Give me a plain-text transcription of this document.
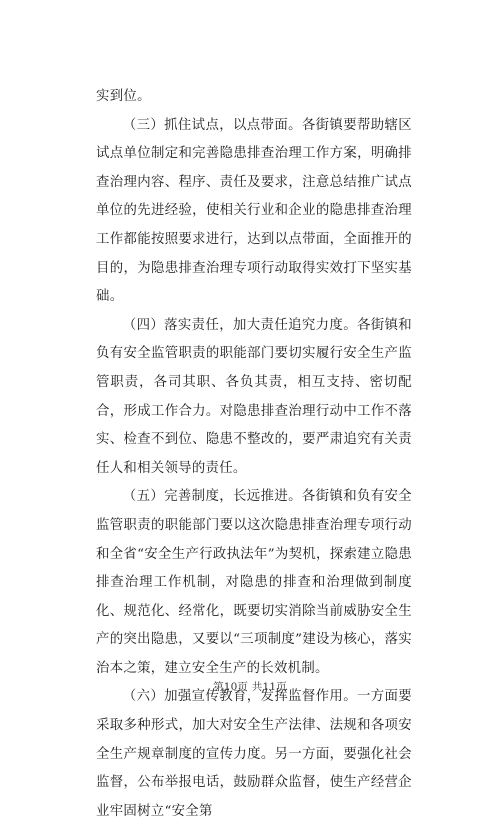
实到位。

（三）抓住试点，以点带面。各街镇要帮助辖区试点单位制定和完善隐患排查治理工作方案，明确排查治理内容、程序、责任及要求，注意总结推广试点单位的先进经验，使相关行业和企业的隐患排查治理工作都能按照要求进行，达到以点带面，全面推开的目的，为隐患排查治理专项行动取得实效打下坚实基础。

（四）落实责任，加大责任追究力度。各街镇和负有安全监管职责的职能部门要切实履行安全生产监管职责，各司其职、各负其责，相互支持、密切配合，形成工作合力。对隐患排查治理行动中工作不落实、检查不到位、隐患不整改的，要严肃追究有关责任人和相关领导的责任。

（五）完善制度，长远推进。各街镇和负有安全监管职责的职能部门要以这次隐患排查治理专项行动和全省“安全生产行政执法年”为契机，探索建立隐患排查治理工作机制，对隐患的排查和治理做到制度化、规范化、经常化，既要切实消除当前威胁安全生产的突出隐患，又要以“三项制度”建设为核心，落实治本之策，建立安全生产的长效机制。

（六）加强宣传教育，发挥监督作用。一方面要采取多种形式，加大对安全生产法律、法规和各项安全生产规章制度的宣传力度。另一方面，要强化社会监督，公布举报电话，鼓励群众监督，使生产经营企业牢固树立“安全第

第10页 共11页
